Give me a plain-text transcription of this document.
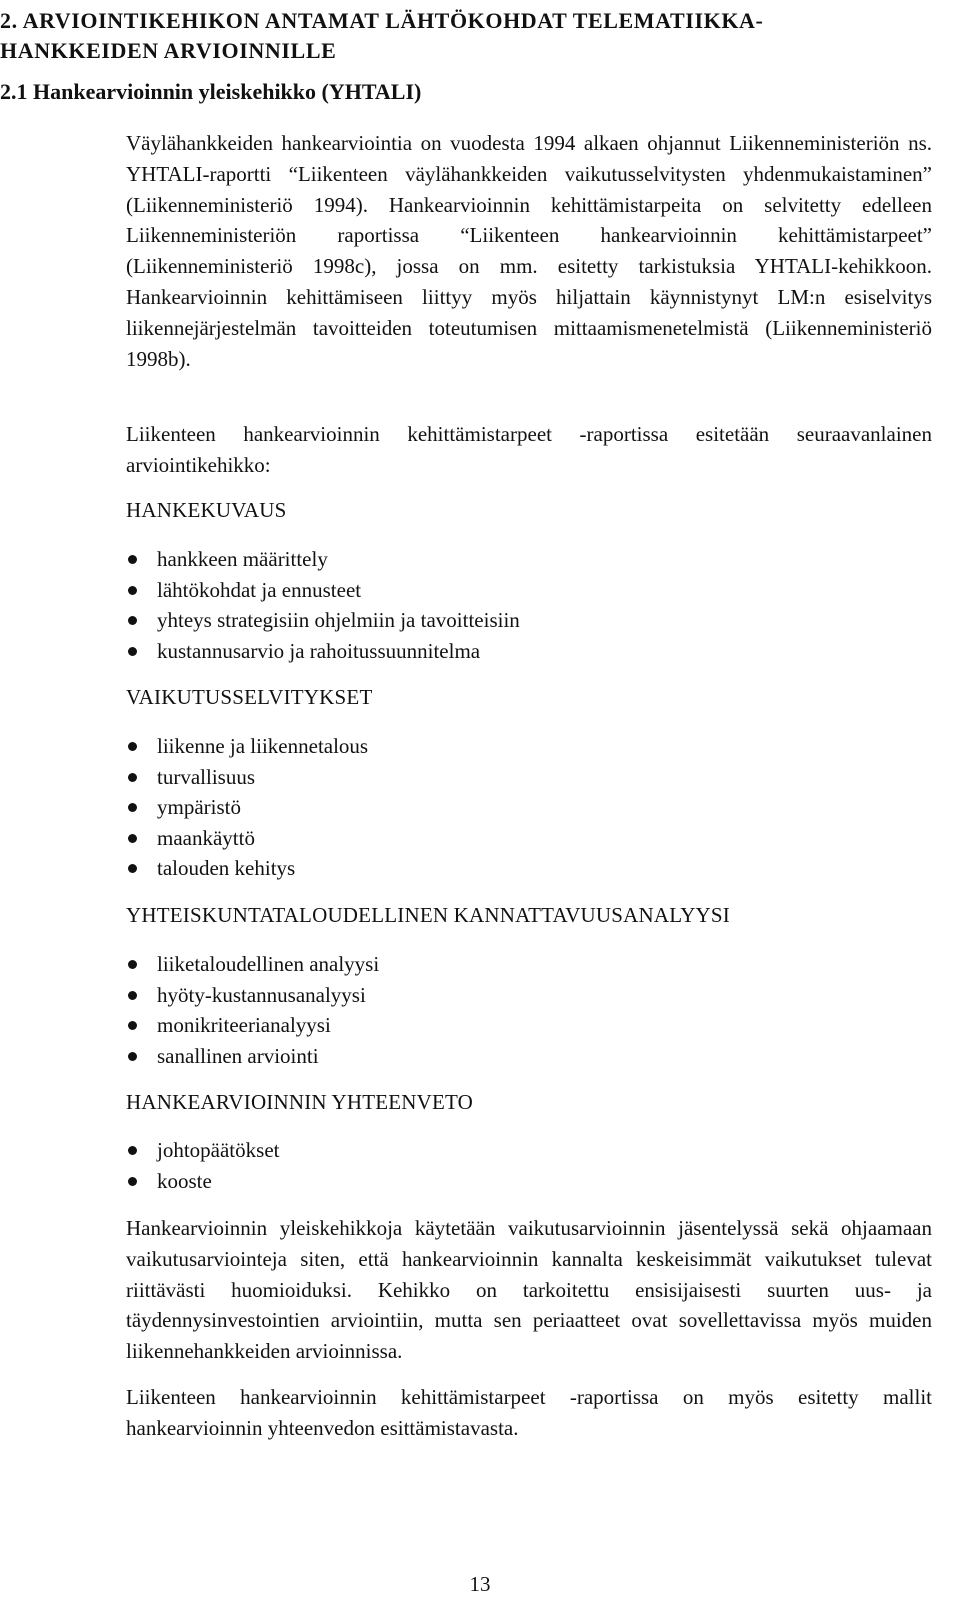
2. ARVIOINTIKEHIKON ANTAMAT LÄHTÖKOHDAT TELEMATIIKKA-
HANKKEIDEN ARVIOINNILLE
2.1 Hankearvioinnin yleiskehikko (YHTALI)

Väylähankkeiden hankearviointia on vuodesta 1994 alkaen ohjannut Liikenneministeriön ns. YHTALI-raportti “Liikenteen väylähankkeiden vaikutusselvitysten yhdenmukaistaminen” (Liikenneministeriö 1994). Hankearvioinnin kehittämistarpeita on selvitetty edelleen Liikenneministeriön raportissa “Liikenteen hankearvioinnin kehittämistarpeet” (Liikenneministeriö 1998c), jossa on mm. esitetty tarkistuksia YHTALI-kehikkoon. Hankearvioinnin kehittämiseen liittyy myös hiljattain käynnistynyt LM:n esiselvitys liikennejärjestelmän tavoitteiden toteutumisen mittaamismenetelmistä (Liikenneministeriö 1998b).

Liikenteen hankearvioinnin kehittämistarpeet -raportissa esitetään seuraavanlainen arviointikehikko:

HANKEKUVAUS
hankkeen määrittely
lähtökohdat ja ennusteet
yhteys strategisiin ohjelmiin ja tavoitteisiin
kustannusarvio ja rahoitussuunnitelma
VAIKUTUSSELVITYKSET
liikenne ja liikennetalous
turvallisuus
ympäristö
maankäyttö
talouden kehitys
YHTEISKUNTATALOUDELLINEN KANNATTAVUUSANALYYSI
liiketaloudellinen analyysi
hyöty-kustannusanalyysi
monikriteerianalyysi
sanallinen arviointi
HANKEARVIOINNIN YHTEENVETO
johtopäätökset
kooste

Hankearvioinnin yleiskehikkoja käytetään vaikutusarvioinnin jäsentelyssä sekä ohjaamaan vaikutusarviointeja siten, että hankearvioinnin kannalta keskeisimmät vaikutukset tulevat riittävästi huomioiduksi. Kehikko on tarkoitettu ensisijaisesti suurten uus- ja täydennysinvestointien arviointiin, mutta sen periaatteet ovat sovellettavissa myös muiden liikennehankkeiden arvioinnissa.

Liikenteen hankearvioinnin kehittämistarpeet -raportissa on myös esitetty mallit hankearvioinnin yhteenvedon esittämistavasta.

13
